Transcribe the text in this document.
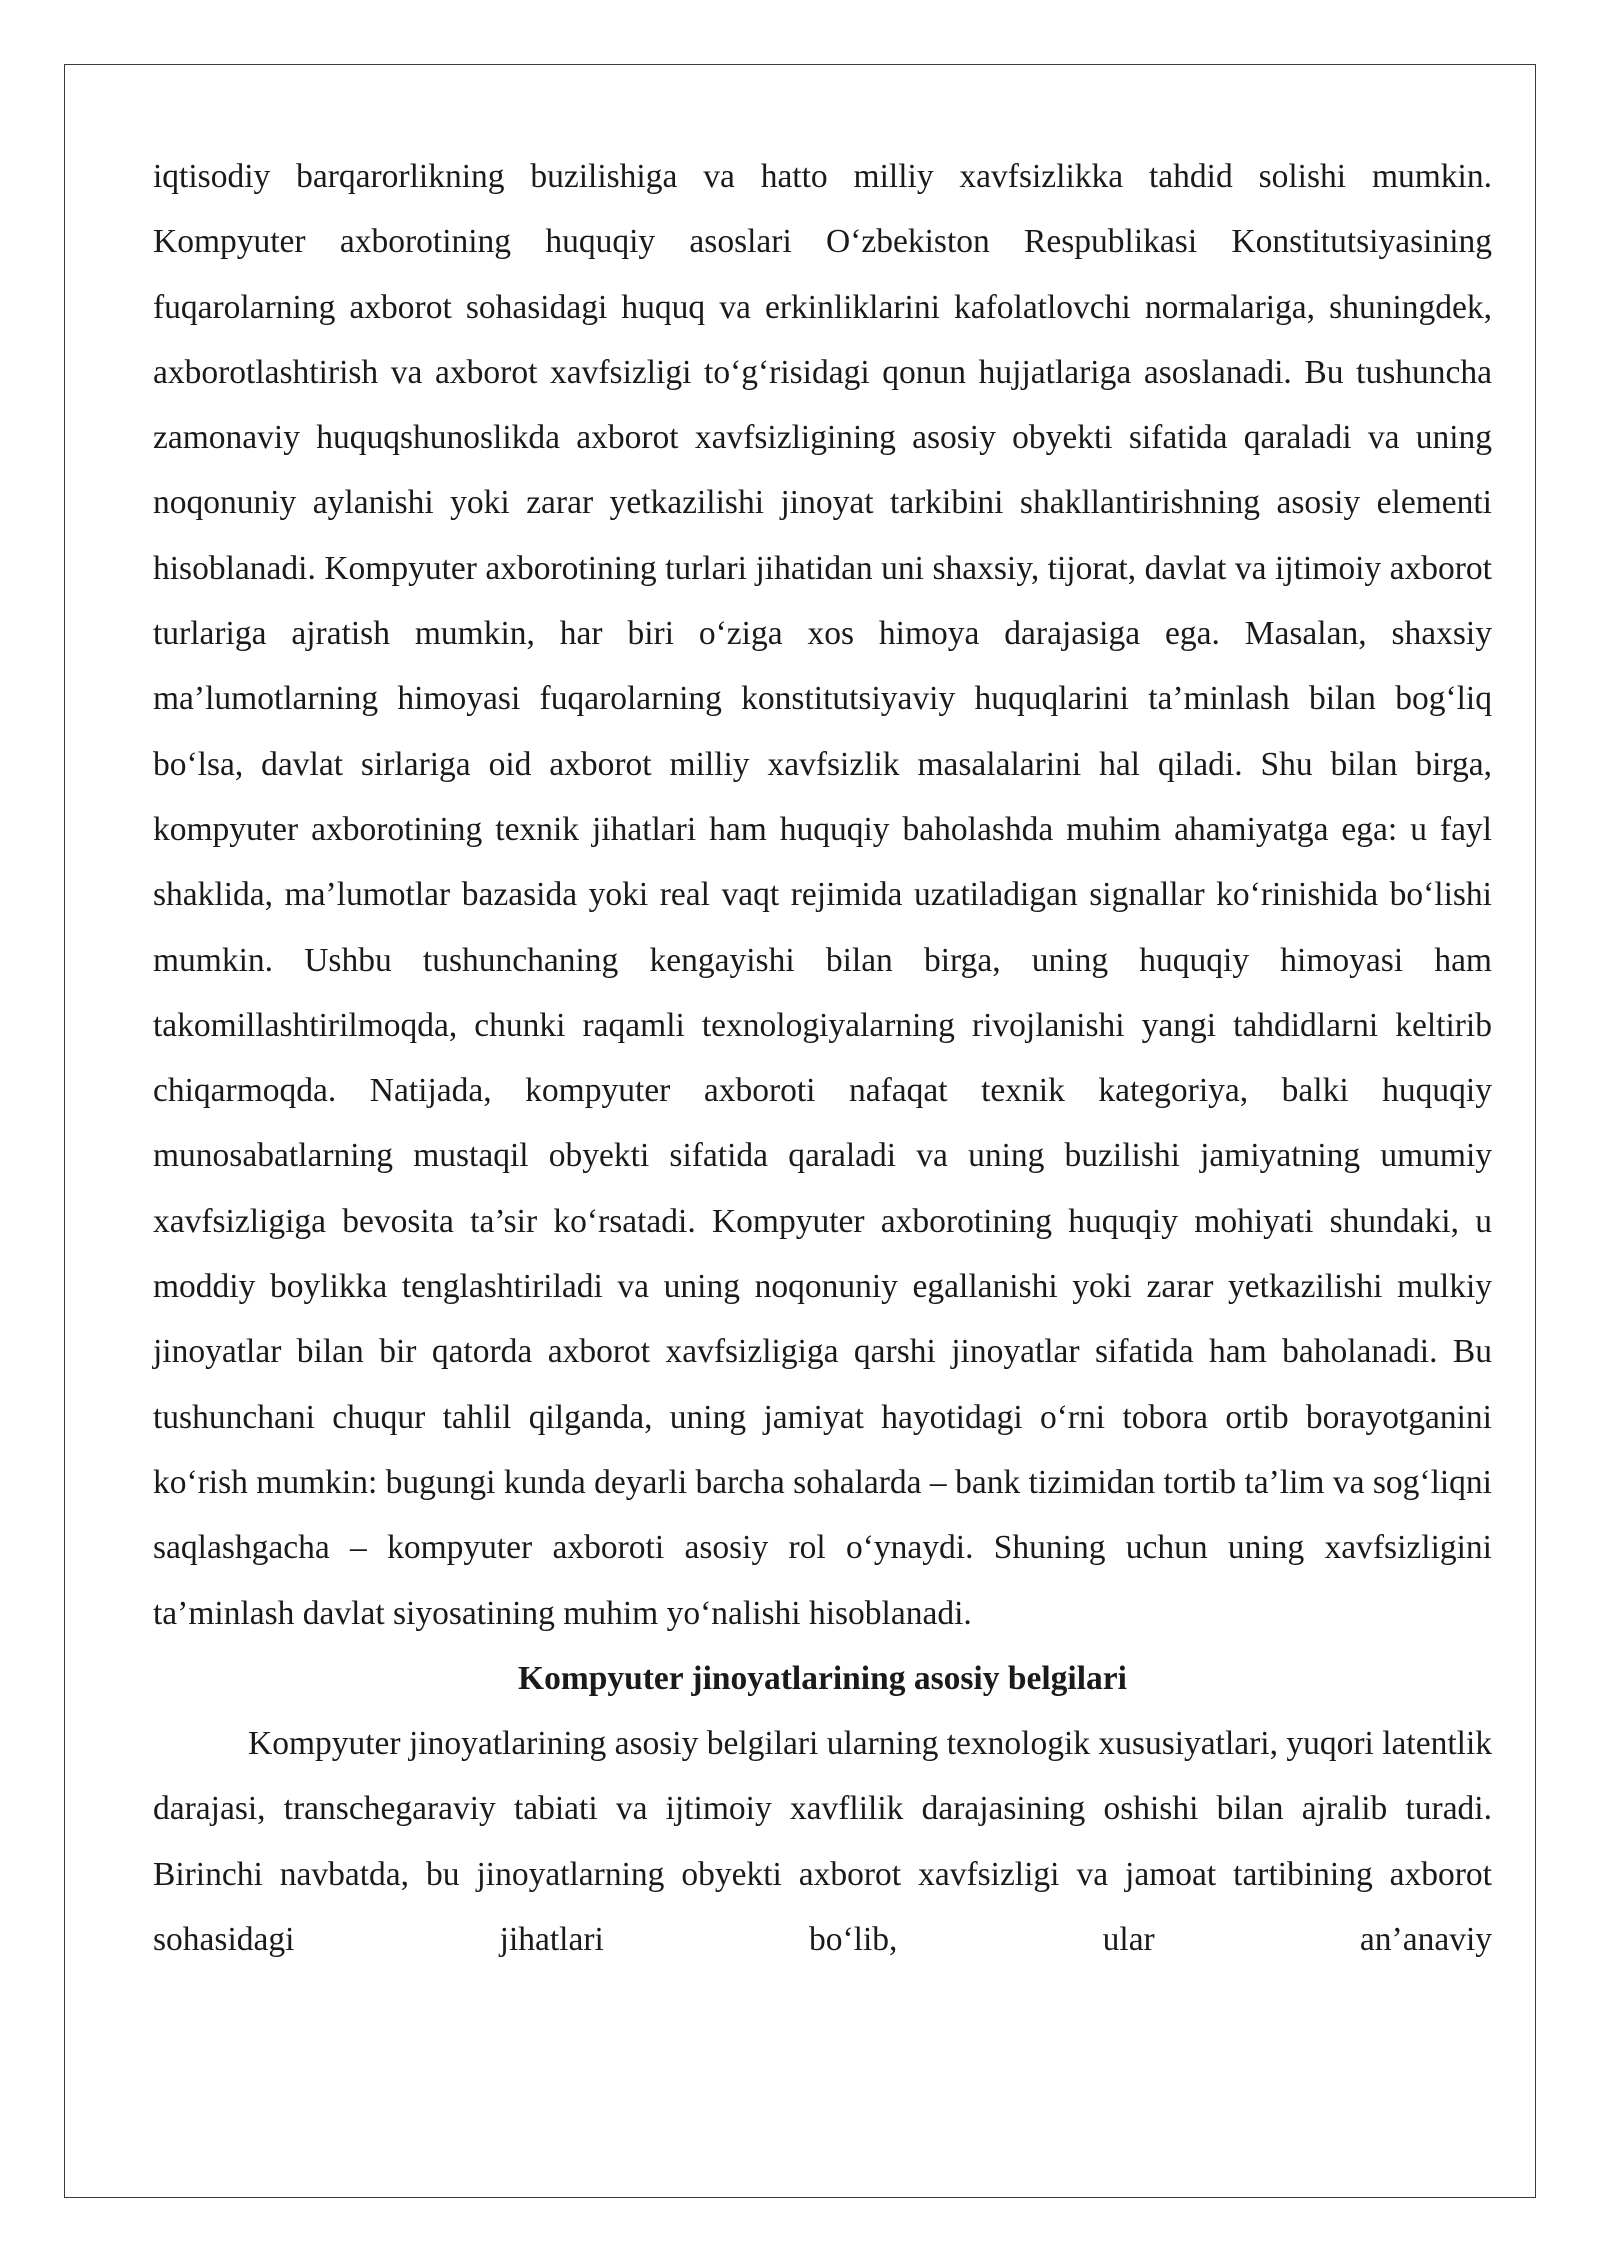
iqtisodiy barqarorlikning buzilishiga va hatto milliy xavfsizlikka tahdid solishi mumkin. Kompyuter axborotining huquqiy asoslari O‘zbekiston Respublikasi Konstitutsiyasining fuqarolarning axborot sohasidagi huquq va erkinliklarini kafolatlovchi normalariga, shuningdek, axborotlashtirish va axborot xavfsizligi to‘g‘risidagi qonun hujjatlariga asoslanadi. Bu tushuncha zamonaviy huquqshunoslikda axborot xavfsizligining asosiy obyekti sifatida qaraladi va uning noqonuniy aylanishi yoki zarar yetkazilishi jinoyat tarkibini shakllantirishning asosiy elementi hisoblanadi. Kompyuter axborotining turlari jihatidan uni shaxsiy, tijorat, davlat va ijtimoiy axborot turlariga ajratish mumkin, har biri o‘ziga xos himoya darajasiga ega. Masalan, shaxsiy ma’lumotlarning himoyasi fuqarolarning konstitutsiyaviy huquqlarini ta’minlash bilan bog‘liq bo‘lsa, davlat sirlariga oid axborot milliy xavfsizlik masalalarini hal qiladi. Shu bilan birga, kompyuter axborotining texnik jihatlari ham huquqiy baholashda muhim ahamiyatga ega: u fayl shaklida, ma’lumotlar bazasida yoki real vaqt rejimida uzatiladigan signallar ko‘rinishida bo‘lishi mumkin. Ushbu tushunchaning kengayishi bilan birga, uning huquqiy himoyasi ham takomillashtirilmoqda, chunki raqamli texnologiyalarning rivojlanishi yangi tahdidlarni keltirib chiqarmoqda. Natijada, kompyuter axboroti nafaqat texnik kategoriya, balki huquqiy munosabatlarning mustaqil obyekti sifatida qaraladi va uning buzilishi jamiyatning umumiy xavfsizligiga bevosita ta’sir ko‘rsatadi. Kompyuter axborotining huquqiy mohiyati shundaki, u moddiy boylikka tenglashtiriladi va uning noqonuniy egallanishi yoki zarar yetkazilishi mulkiy jinoyatlar bilan bir qatorda axborot xavfsizligiga qarshi jinoyatlar sifatida ham baholanadi. Bu tushunchani chuqur tahlil qilganda, uning jamiyat hayotidagi o‘rni tobora ortib borayotganini ko‘rish mumkin: bugungi kunda deyarli barcha sohalarda – bank tizimidan tortib ta’lim va sog‘liqni saqlashgacha – kompyuter axboroti asosiy rol o‘ynaydi. Shuning uchun uning xavfsizligini ta’minlash davlat siyosatining muhim yo‘nalishi hisoblanadi.

Kompyuter jinoyatlarining asosiy belgilari

Kompyuter jinoyatlarining asosiy belgilari ularning texnologik xususiyatlari, yuqori latentlik darajasi, transchegaraviy tabiati va ijtimoiy xavflilik darajasining oshishi bilan ajralib turadi. Birinchi navbatda, bu jinoyatlarning obyekti axborot xavfsizligi va jamoat tartibining axborot sohasidagi jihatlari bo‘lib, ular an’anaviy
